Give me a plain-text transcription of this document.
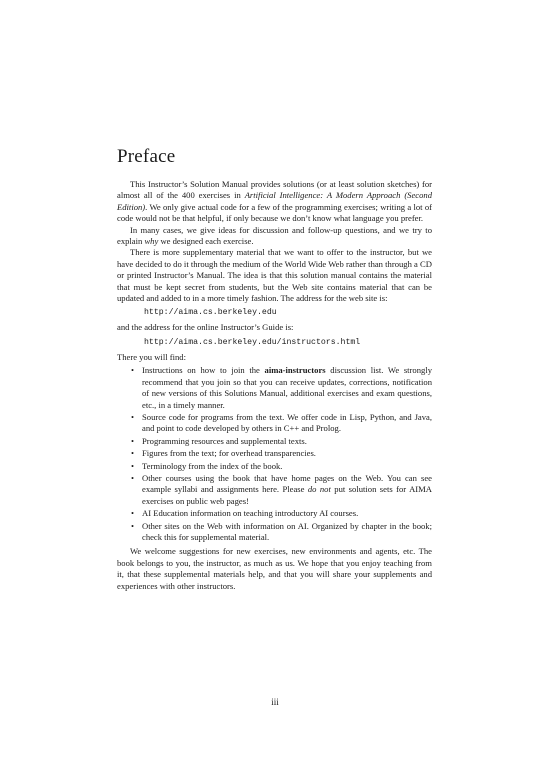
Preface

This Instructor’s Solution Manual provides solutions (or at least solution sketches) for almost all of the 400 exercises in Artificial Intelligence: A Modern Approach (Second Edition). We only give actual code for a few of the programming exercises; writing a lot of code would not be that helpful, if only because we don’t know what language you prefer.

In many cases, we give ideas for discussion and follow-up questions, and we try to explain why we designed each exercise.

There is more supplementary material that we want to offer to the instructor, but we have decided to do it through the medium of the World Wide Web rather than through a CD or printed Instructor’s Manual. The idea is that this solution manual contains the material that must be kept secret from students, but the Web site contains material that can be updated and added to in a more timely fashion. The address for the web site is:

http://aima.cs.berkeley.edu

and the address for the online Instructor’s Guide is:

http://aima.cs.berkeley.edu/instructors.html

There you will find:

• Instructions on how to join the aima-instructors discussion list. We strongly recommend that you join so that you can receive updates, corrections, notification of new versions of this Solutions Manual, additional exercises and exam questions, etc., in a timely manner.
• Source code for programs from the text. We offer code in Lisp, Python, and Java, and point to code developed by others in C++ and Prolog.
• Programming resources and supplemental texts.
• Figures from the text; for overhead transparencies.
• Terminology from the index of the book.
• Other courses using the book that have home pages on the Web. You can see example syllabi and assignments here. Please do not put solution sets for AIMA exercises on public web pages!
• AI Education information on teaching introductory AI courses.
• Other sites on the Web with information on AI. Organized by chapter in the book; check this for supplemental material.

We welcome suggestions for new exercises, new environments and agents, etc. The book belongs to you, the instructor, as much as us. We hope that you enjoy teaching from it, that these supplemental materials help, and that you will share your supplements and experiences with other instructors.

iii
